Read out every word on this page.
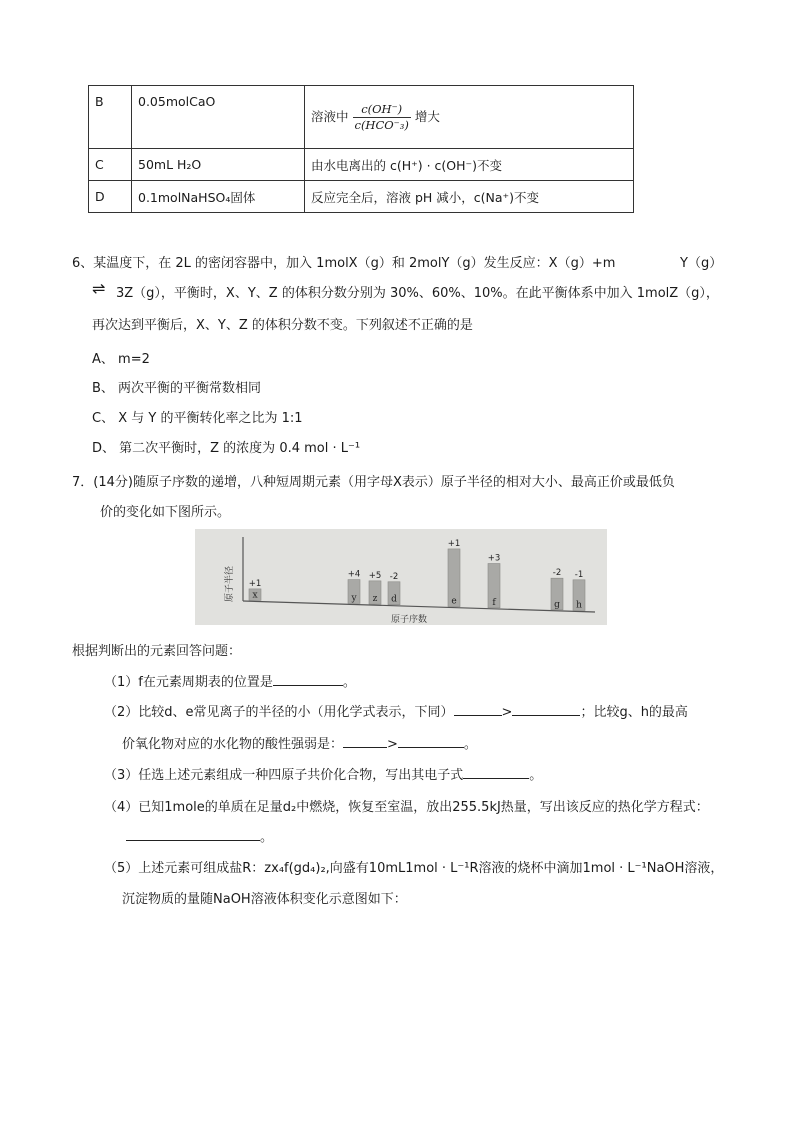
B	0.05molCaO	溶液中 $\frac{c(OH^-)}{\text{c(HCO⁻₃)}}$ 增大
C	50mL H₂O	由水电离出的 c(H⁺) · c(OH⁻)不变
D	0.1molNaHSO₄固体	反应完全后，溶液 pH 减小，c(Na⁺)不变
6、某温度下，在 2L 的密闭容器中，加入 1molX（g）和 2molY（g）发生反应：X（g）+m	Y（g）
⇌ 3Z（g），平衡时，X、Y、Z 的体积分数分别为 30%、60%、10%。在此平衡体系中加入 1molZ（g），
再次达到平衡后，X、Y、Z 的体积分数不变。下列叙述不正确的是
A、 m=2
B、 两次平衡的平衡常数相同
C、 X 与 Y 的平衡转化率之比为 1:1
D、 第二次平衡时，Z 的浓度为 0.4 mol · L⁻¹
7．(14分)随原子序数的递增，八种短周期元素（用字母X表示）原子半径的相对大小、最高正价或最低负
价的变化如下图所示。
原子半径
原子序数
x
+1
y
+4
z
+5
d
-2
e
+1
f
+3
g
-2
h
-1
根据判断出的元素回答问题：
（1）f在元素周期表的位置是	。
（2）比较d、e常见离子的半径的小（用化学式表示，下同）	>	；比较g、h的最高
价氧化物对应的水化物的酸性强弱是：	>	。
（3）任选上述元素组成一种四原子共价化合物，写出其电子式	。
（4）已知1mole的单质在足量d₂中燃烧，恢复至室温，放出255.5kJ热量，写出该反应的热化学方程式：
。
（5）上述元素可组成盐R：zx₄f(gd₄)₂,向盛有10mL1mol · L⁻¹R溶液的烧杯中滴加1mol · L⁻¹NaOH溶液，
沉淀物质的量随NaOH溶液体积变化示意图如下：
